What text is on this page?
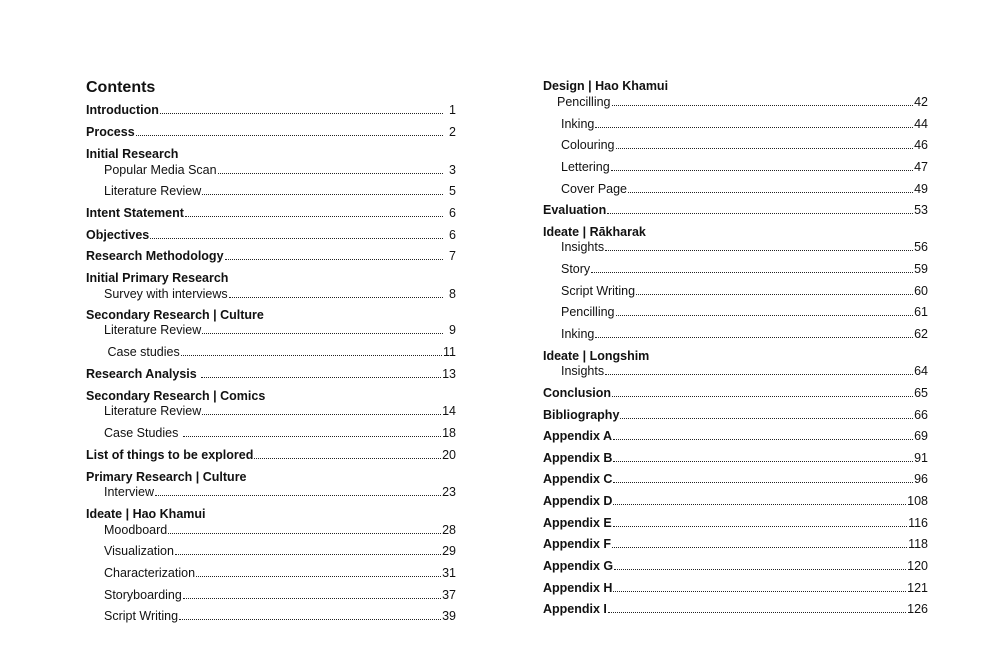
Contents
Introduction	1
Process	2
Initial Research
Popular Media Scan	3
Literature Review	5
Intent Statement	6
Objectives	6
Research Methodology	7
Initial Primary Research
Survey with interviews	8
Secondary Research | Culture
Literature Review	9
Case studies	11
Research Analysis	13
Secondary Research | Comics
Literature Review	14
Case Studies	18
List of things to be explored	20
Primary Research | Culture
Interview	23
Ideate | Hao Khamui
Moodboard	28
Visualization	29
Characterization	31
Storyboarding	37
Script Writing	39
Design | Hao Khamui
Pencilling	42
Inking	44
Colouring	46
Lettering	47
Cover Page	49
Evaluation	53
Ideate | Rākharak
Insights	56
Story	59
Script Writing	60
Pencilling	61
Inking	62
Ideate | Longshim
Insights	64
Conclusion	65
Bibliography	66
Appendix A	69
Appendix B	91
Appendix C	96
Appendix D	108
Appendix E	116
Appendix F	118
Appendix G	120
Appendix H	121
Appendix I	126
